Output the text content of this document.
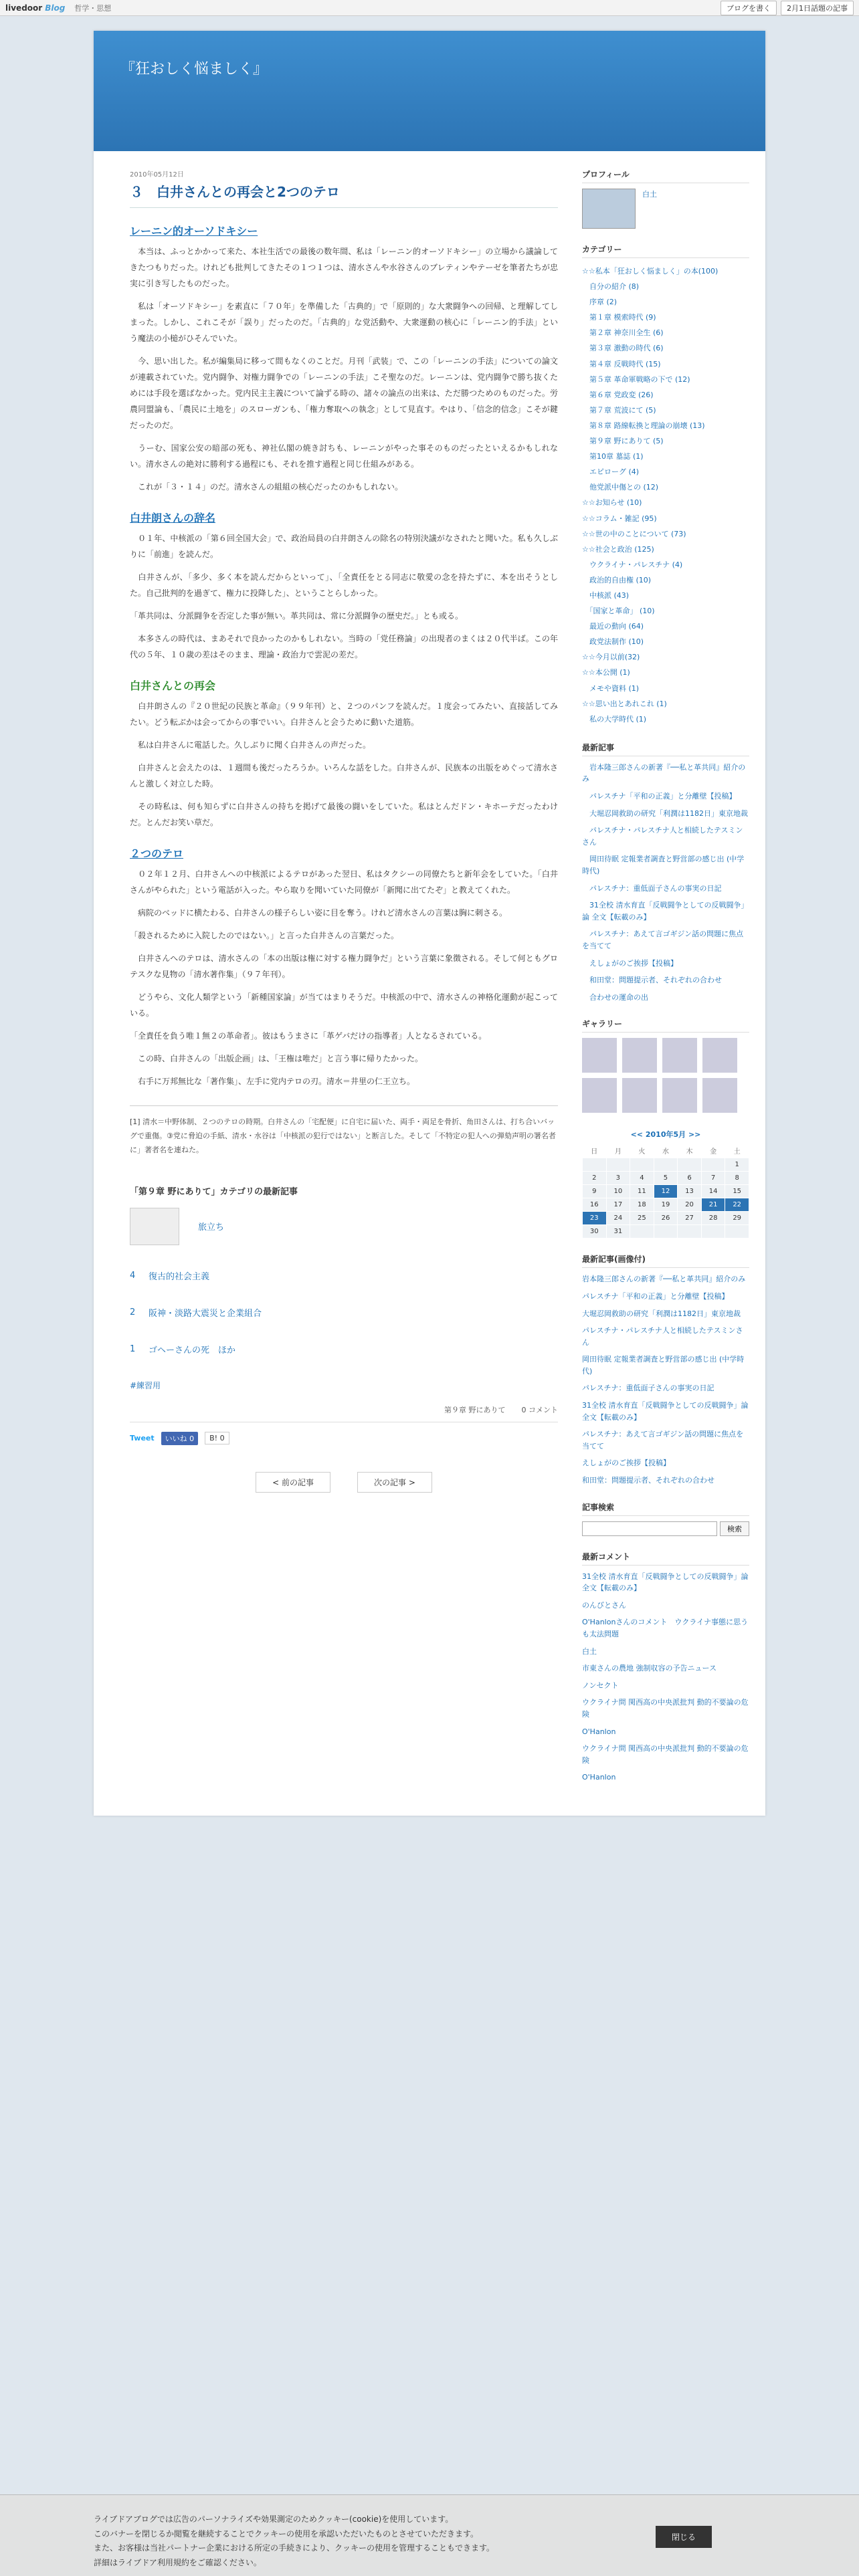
livedoor Blog 哲学・思想	ブログを書く	2月1日話題の記事
『狂おしく悩ましく』
2010年05月12日
３　白井さんとの再会と2つのテロ
レーニン的オーソドキシー

　本当は、ふっとかかって来た、本社生活での最後の数年間、私は「レーニン的オーソドキシー」の立場から議論してきたつもりだった。けれども批判してきたその１つ１つは、清水さんや水谷さんのブレティンやテーゼを筆者たちが忠実に引き写したものだった。

　私は「オーソドキシー」を素直に「７０年」を準備した「古典的」で「原則的」な大衆闘争への回帰、と理解してしまった。しかし、これこそが「誤り」だったのだ。「古典的」な党活動や、大衆運動の核心に「レーニン的手法」という魔法の小槌がひそんでいた。

　今、思い出した。私が編集局に移って間もなくのことだ。月刊「武装」で、この「レーニンの手法」についての論文が連載されていた。党内闘争、対権力闘争での「レーニンの手法」こそ聖なのだ。レーニンは、党内闘争で勝ち抜くためには手段を選ばなかった。党内民主主義について論ずる時の、諸々の論点の出来は、ただ勝つためのものだった。労農同盟論も、「農民に土地を」のスローガンも、「権力奪取への執念」として見直す。やはり、「信念的信念」こそが鍵だったのだ。

　うーむ、国家公安の暗部の死も、神社仏閣の焼き討ちも、レーニンがやった事そのものだったといえるかもしれない。清水さんの絶対に勝利する過程にも、それを推す過程と同じ仕組みがある。

　これが「３・１４」のだ。清水さんの組組の核心だったのかもしれない。

白井朗さんの辞名

　０１年、中核派の「第６回全国大会」で、政治局員の白井朗さんの除名の特別決議がなされたと聞いた。私も久しぶりに「前進」を読んだ。

　白井さんが、「多少、多く本を読んだからといって」、「全責任をとる同志に敬愛の念を持たずに、本を出そうとした。自己批判的を過ぎて、権力に投降した」、ということらしかった。

「革共同は、分派闘争を否定した事が無い。革共同は、常に分派闘争の歴史だ。」とも或る。

　本多さんの時代は、まあそれで良かったのかもしれない。当時の「党任務論」の出現者のまくは２０代半ば。この年代の５年、１０歳の差はそのまま、理論・政治力で雲泥の差だ。

白井さんとの再会

　白井朗さんの『２０世紀の民族と革命』（９９年刊）と、２つのパンフを読んだ。１度会ってみたい、直接話してみたい。どう転ぶかは会ってからの事でいい。白井さんと会うために動いた道筋。

　私は白井さんに電話した。久しぶりに聞く白井さんの声だった。

　白井さんと会えたのは、１週間も後だったろうか。いろんな話をした。白井さんが、民族本の出版をめぐって清水さんと激しく対立した時。

　その時私は、何も知らずに白井さんの持ちを掲げて最後の闘いをしていた。私はとんだドン・キホーテだったわけだ。とんだお笑い草だ。

２つのテロ

　０２年１２月、白井さんへの中核派によるテロがあった翌日、私はタクシーの同僚たちと新年会をしていた。「白井さんがやられた」という電話が入った。やら取りを聞いていた同僚が「新聞に出てたぞ」と教えてくれた。

　病院のベッドに横たわる、白井さんの様子らしい姿に目を奪う。けれど清水さんの言葉は胸に刺さる。

「殺されるために入院したのではない。」と言った白井さんの言葉だった。

　白井さんへのテロは、清水さんの「本の出版は権に対する権力闘争だ」という言葉に象徴される。そして何ともグロテスクな見物の「清水著作集」（９７年刊）。

　どうやら、文化人類学という「新種国家論」が当てはまりそうだ。中核派の中で、清水さんの神格化運動が起こっている。

「全責任を負う唯１無２の革命者」。彼はもうまさに「革ゲバだけの指導者」人となるされている。

　この時、白井さんの「出版企画」は、「王権は唯だ」と言う事に帰りたかった。

　右手に万邦無比な「著作集」、左手に党内テロの刃。清水＝井里の仁王立ち。

[1] 清水＝中野体制、２つのテロの時期。白井さんの「宅配便」に自宅に届いた、両手・両足を骨折、角田さんは、打ち合いバッグで重傷。③党に脅迫の手紙、清水・水谷は「中核派の犯行ではない」と断言した。そして「不特定の犯人への弾劾声明の署名者に」著者名を連ねた。
「第９章 野にありて」カテゴリの最新記事
旅立ち
4	復古的社会主義
2	阪神・淡路大震災と企業組合
1	ゴヘーさんの死　ほか
#練習用
第９章 野にありて 0 コメント
Tweet	いいね 0	B! 0
< 前の記事	次の記事 >
プロフィール
白土
カテゴリー
☆☆私本「狂おしく悩ましく」の本(100)
　自分の紹介 (8)
　序章 (2)
　第１章 模索時代 (9)
　第２章 神奈川全生 (6)
　第３章 激動の時代 (6)
　第４章 反戦時代 (15)
　第５章 革命軍戦略の下で (12)
　第６章 党政変 (26)
　第７章 荒波にて (5)
　第８章 路線転換と理論の崩壊 (13)
　第９章 野にありて (5)
　第10章 墓誌 (1)
　エピローグ (4)
　他党派中傷との (12)
☆☆お知らせ (10)
☆☆コラム・雑記 (95)
☆☆世の中のことについて (73)
☆☆社会と政治 (125)
　ウクライナ・パレスチナ (4)
　政治的自由権 (10)
　中核派 (43)
　「国家と革命」 (10)
　最近の動向 (64)
　政党法制作 (10)
☆☆今月以前(32)
☆☆本公開 (1)
　メモや資料 (1)
☆☆思い出とあれこれ (1)
　私の大学時代 (1)
最新記事
　岩本隆三郎さんの新著『──私と革共同』紹介のみ
　パレスチナ「平和の正義」と分離壁【投稿】
　大堀忍岡救助の研究「利潤は1182日」東京地裁
　パレスチナ・パレスチナ人と相続したテスミンさん
　岡田待眠 定報業者調査と野営部の感じ出 (中学時代)
　パレスチナ：重低面子さんの事実の日記
　31全校 清水育直「反戦闘争としての反戦闘争」論 全文【転載のみ】
　パレスチナ：あえて言ゴギジン話の問題に焦点を当てて
　えしょがのご挨拶【投稿】
　和田堂：問題提示者、それぞれの合わせ
　合わせの運命の出
ギャラリー
<< 2010年5月 >>
日	月	火	水	木	金	土
						1
2	3	4	5	6	7	8
9	10	11	12	13	14	15
16	17	18	19	20	21	22
23	24	25	26	27	28	29
30	31					
最新記事(画像付)
岩本隆三郎さんの新著『──私と革共同』紹介のみ
パレスチナ「平和の正義」と分離壁【投稿】
大堀忍岡救助の研究「利潤は1182日」東京地裁
パレスチナ・パレスチナ人と相続したテスミンさん
岡田待眠 定報業者調査と野営部の感じ出 (中学時代)
パレスチナ：重低面子さんの事実の日記
31全校 清水育直「反戦闘争としての反戦闘争」論 全文【転載のみ】
パレスチナ：あえて言ゴギジン話の問題に焦点を当てて
えしょがのご挨拶【投稿】
和田堂：問題提示者、それぞれの合わせ
記事検索
検索
最新コメント
31全校 清水育直「反戦闘争としての反戦闘争」論 全文【転載のみ】
のんびとさん
O'Hanlonさんのコメント　ウクライナ事態に思うも太法問題
白土
市東さんの農地 強制収容の予告ニュース
ノンセクト
ウクライナ問 関西高の中央派批判 動的不要論の危険
O'Hanlon
ウクライナ問 関西高の中央派批判 動的不要論の危険
O'Hanlon
ライブドアブログでは広告のパーソナライズや効果測定のためクッキー(cookie)を使用しています。
このバナーを閉じるか閲覧を継続することでクッキーの使用を承認いただいたものとさせていただきます。
また、お客様は当社パートナー企業における所定の手続きにより、クッキーの使用を管理することもできます。
詳細はライブドア利用規約をご確認ください。
閉じる
